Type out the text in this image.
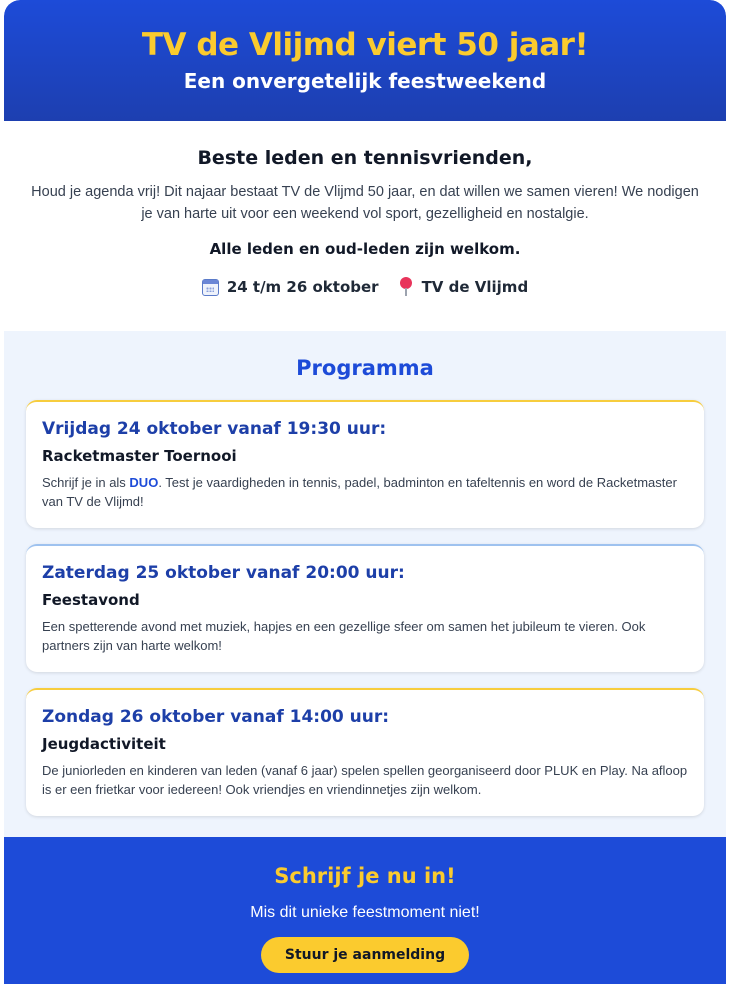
TV de Vlijmd viert 50 jaar!
Een onvergetelijk feestweekend
Beste leden en tennisvrienden,
Houd je agenda vrij! Dit najaar bestaat TV de Vlijmd 50 jaar, en dat willen we samen vieren! We nodigen je van harte uit voor een weekend vol sport, gezelligheid en nostalgie.
Alle leden en oud-leden zijn welkom.
24 t/m 26 oktober	TV de Vlijmd
Programma
Vrijdag 24 oktober vanaf 19:30 uur:
Racketmaster Toernooi
Schrijf je in als DUO. Test je vaardigheden in tennis, padel, badminton en tafeltennis en word de Racketmaster van TV de Vlijmd!
Zaterdag 25 oktober vanaf 20:00 uur:
Feestavond
Een spetterende avond met muziek, hapjes en een gezellige sfeer om samen het jubileum te vieren. Ook partners zijn van harte welkom!
Zondag 26 oktober vanaf 14:00 uur:
Jeugdactiviteit
De juniorleden en kinderen van leden (vanaf 6 jaar) spelen spellen georganiseerd door PLUK en Play. Na afloop is er een frietkar voor iedereen! Ook vriendjes en vriendinnetjes zijn welkom.
Schrijf je nu in!
Mis dit unieke feestmoment niet!
Stuur je aanmelding
